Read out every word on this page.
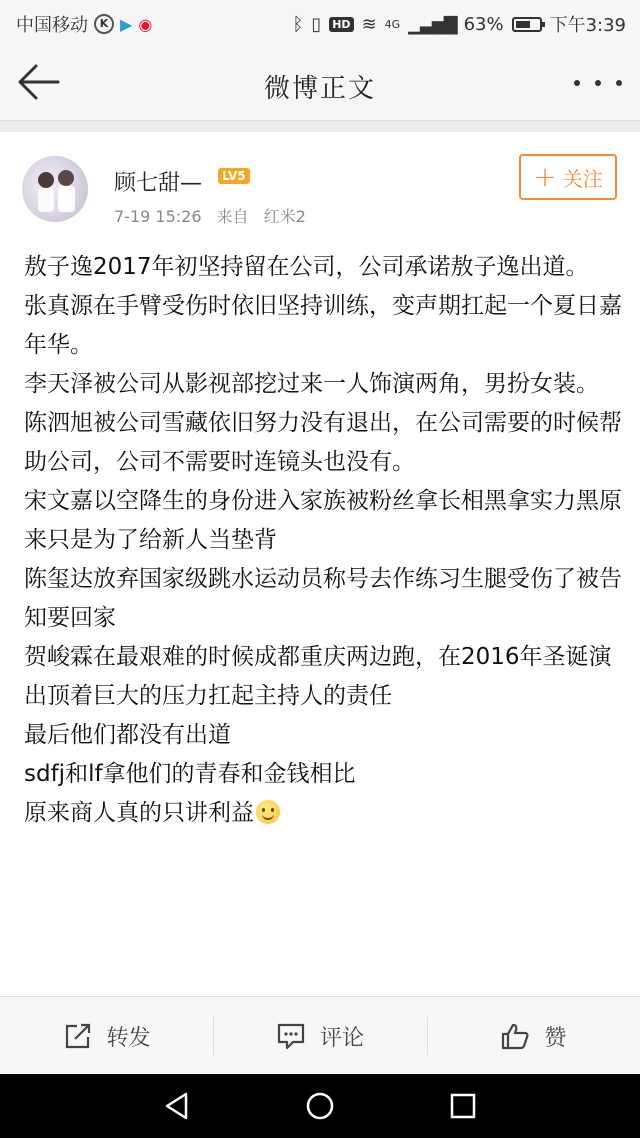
中国移动	K ▶ ◉	ᛒ ▯ HD ≋ 4G ▁▃▅▇ 63%	下午3:39
微博正文
顾七甜—	LV5
7-19 15:26 来自 红米2
+ 关注

敖子逸2017年初坚持留在公司，公司承诺敖子逸出道。

张真源在手臂受伤时依旧坚持训练，变声期扛起一个夏日嘉年华。

李天泽被公司从影视部挖过来一人饰演两角，男扮女装。

陈泗旭被公司雪藏依旧努力没有退出，在公司需要的时候帮助公司，公司不需要时连镜头也没有。

宋文嘉以空降生的身份进入家族被粉丝拿长相黑拿实力黑原来只是为了给新人当垫背

陈玺达放弃国家级跳水运动员称号去作练习生腿受伤了被告知要回家

贺峻霖在最艰难的时候成都重庆两边跑，在2016年圣诞演出顶着巨大的压力扛起主持人的责任

最后他们都没有出道

sdfj和lf拿他们的青春和金钱相比

原来商人真的只讲利益

转发	评论	赞
